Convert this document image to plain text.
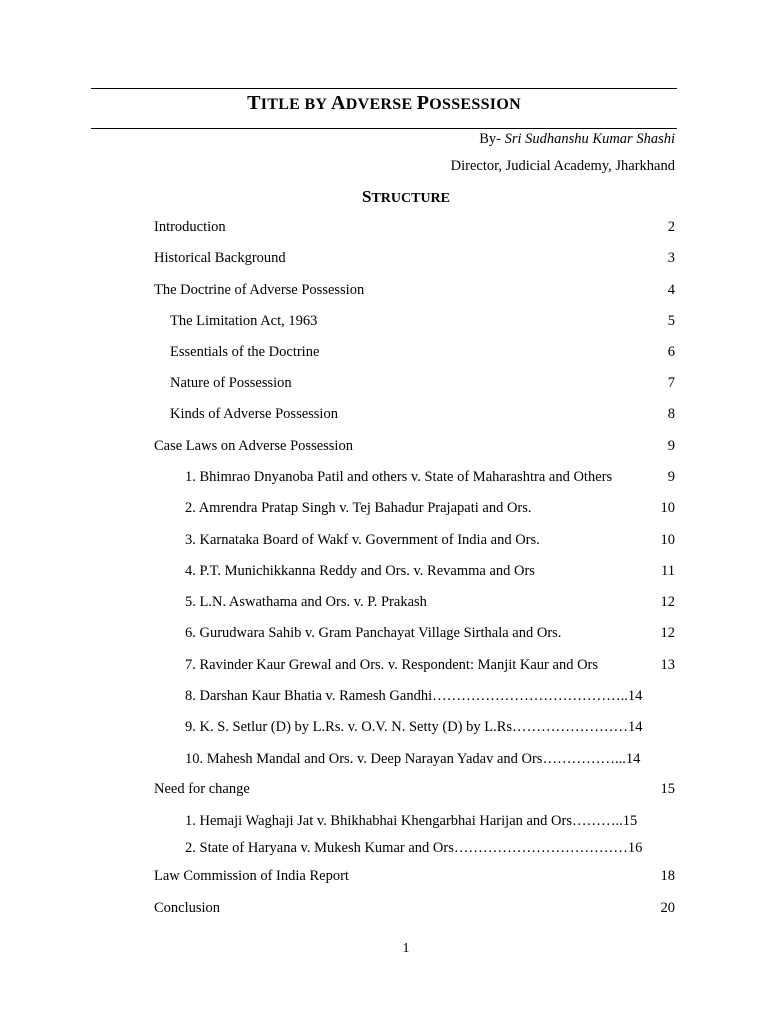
TITLE BY ADVERSE POSSESSION
By- Sri Sudhanshu Kumar Shashi
Director, Judicial Academy, Jharkhand
STRUCTURE
Introduction	2
Historical Background	3
The Doctrine of Adverse Possession	4
The Limitation Act, 1963	5
Essentials of the Doctrine	6
Nature of Possession	7
Kinds of Adverse Possession	8
Case Laws on Adverse Possession	9
1. Bhimrao Dnyanoba Patil and others v. State of Maharashtra and Others	9
2. Amrendra Pratap Singh v. Tej Bahadur Prajapati and Ors.	10
3. Karnataka Board of Wakf v. Government of India and Ors.	10
4. P.T. Munichikkanna Reddy and Ors. v. Revamma and Ors	11
5. L.N. Aswathama and Ors. v. P. Prakash	12
6. Gurudwara Sahib v. Gram Panchayat Village Sirthala and Ors.	12
7. Ravinder Kaur Grewal and Ors. v. Respondent: Manjit Kaur and Ors	13
8. Darshan Kaur Bhatia v. Ramesh Gandhi…………………………………..14
9. K. S. Setlur (D) by L.Rs. v. O.V. N. Setty (D) by L.Rs……………………14
10. Mahesh Mandal and Ors. v. Deep Narayan Yadav and Ors……………...14
Need for change	15
1. Hemaji Waghaji Jat v. Bhikhabhai Khengarbhai Harijan and Ors………..15
2. State of Haryana v. Mukesh Kumar and Ors………………………………16
Law Commission of India Report	18
Conclusion	20
1
